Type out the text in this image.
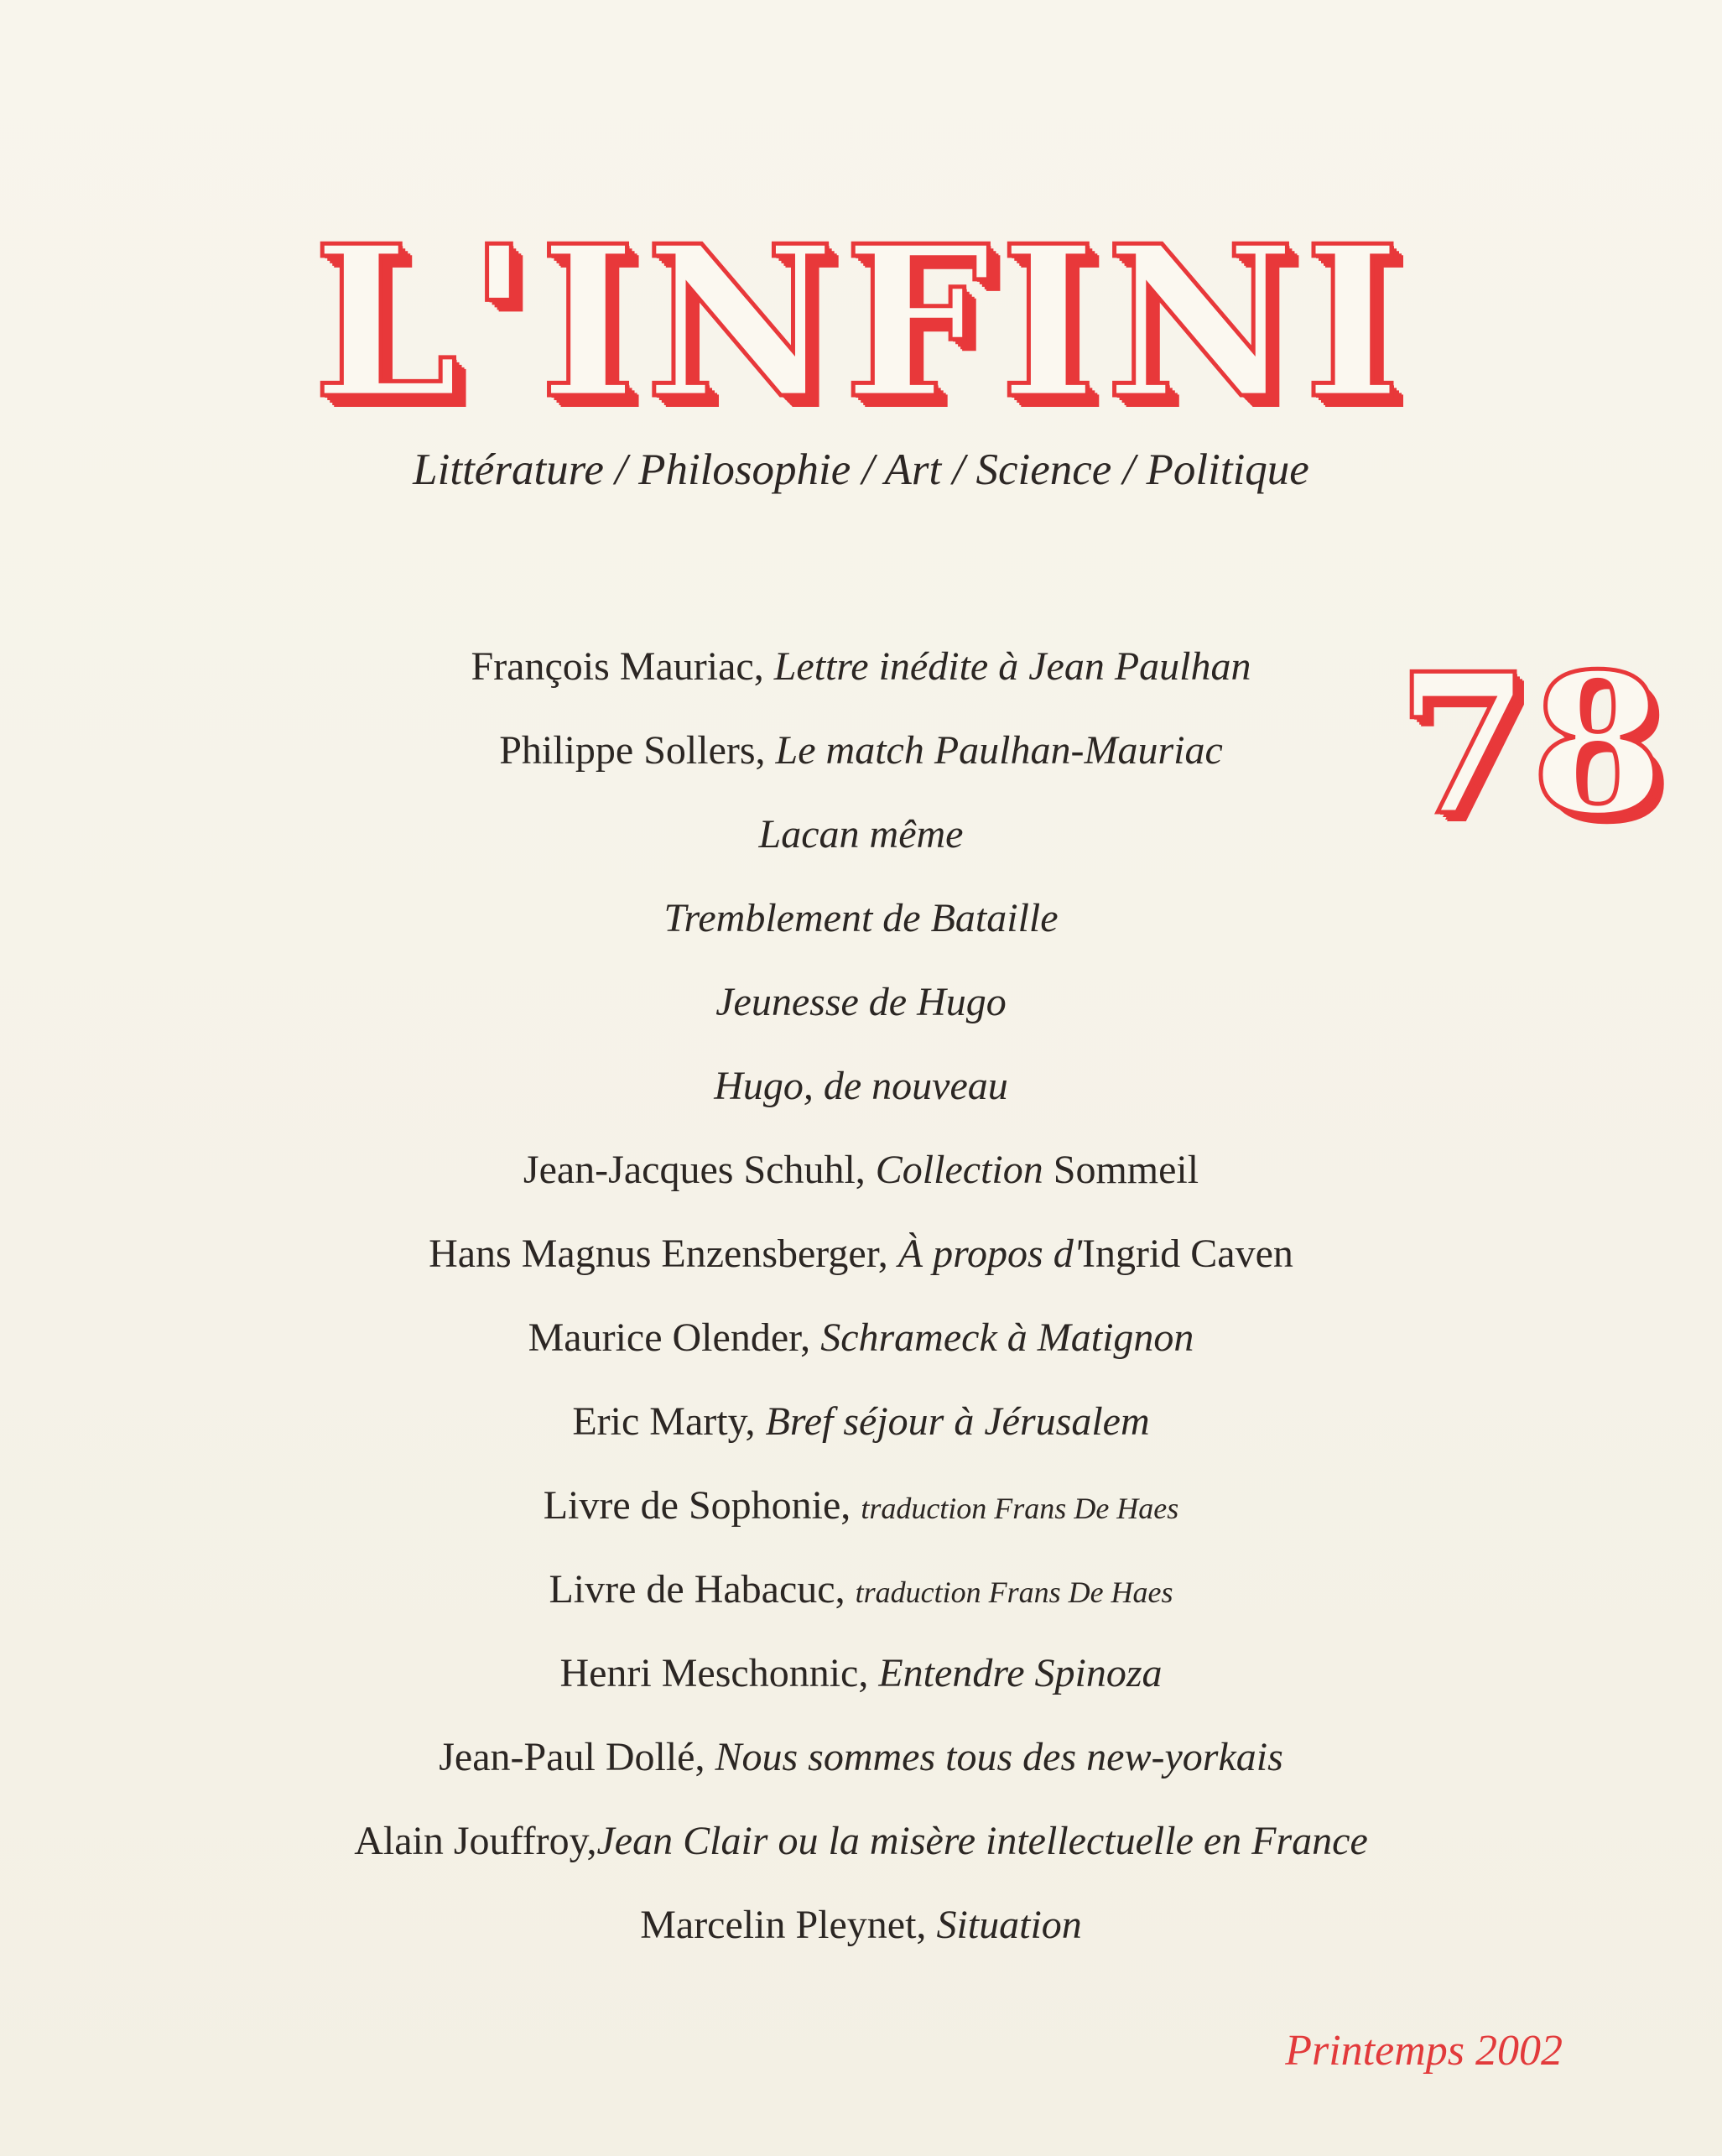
L'INFINI
Littérature / Philosophie / Art / Science / Politique
78
François Mauriac, Lettre inédite à Jean Paulhan
Philippe Sollers, Le match Paulhan-Mauriac
Lacan même
Tremblement de Bataille
Jeunesse de Hugo
Hugo, de nouveau
Jean-Jacques Schuhl, Collection Sommeil
Hans Magnus Enzensberger, À propos d'Ingrid Caven
Maurice Olender, Schrameck à Matignon
Eric Marty, Bref séjour à Jérusalem
Livre de Sophonie, traduction Frans De Haes
Livre de Habacuc, traduction Frans De Haes
Henri Meschonnic, Entendre Spinoza
Jean-Paul Dollé, Nous sommes tous des new-yorkais
Alain Jouffroy,Jean Clair ou la misère intellectuelle en France
Marcelin Pleynet, Situation
Printemps 2002
